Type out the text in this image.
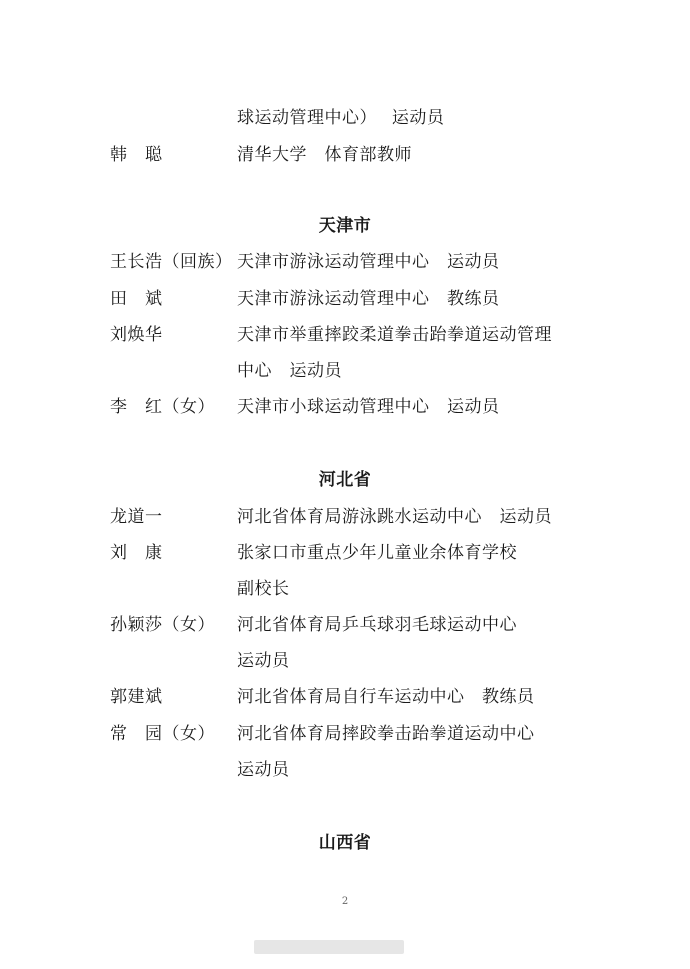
球运动管理中心）　 运动员
韩　聪	清华大学　体育部教师
天津市
王长浩（回族） 天津市游泳运动管理中心　运动员
田　斌	天津市游泳运动管理中心　教练员
刘焕华	天津市举重摔跤柔道拳击跆拳道运动管理
中心　运动员
李　红（女） 天津市小球运动管理中心　运动员
河北省
龙道一	河北省体育局游泳跳水运动中心　运动员
刘　康	张家口市重点少年儿童业余体育学校
副校长
孙颖莎（女） 河北省体育局乒乓球羽毛球运动中心
运动员
郭建斌	河北省体育局自行车运动中心　教练员
常　园（女） 河北省体育局摔跤拳击跆拳道运动中心
运动员
山西省
2
